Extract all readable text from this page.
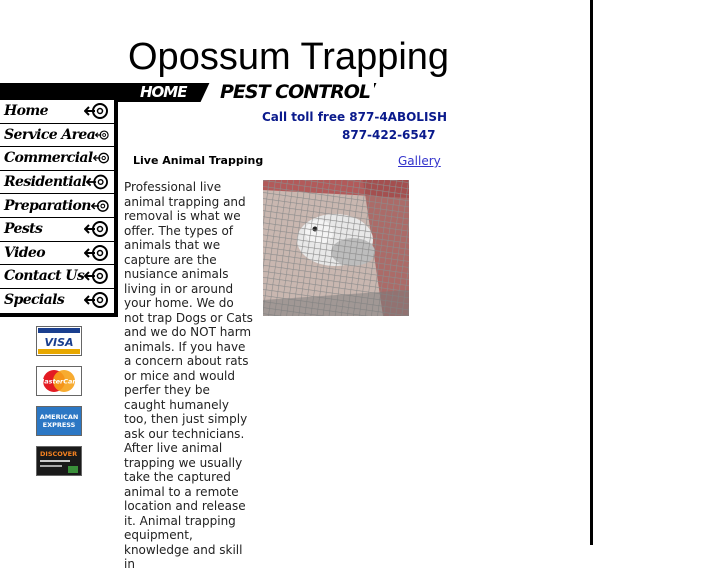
Opossum Trapping
HOME	PEST CONTROL
Home
Service Area
Commercial
Residential
Preparation
Pests
Video
Contact Us
Specials
VISA
MasterCard
AMERICAN
EXPRESS
DISCOVER
Call toll free 877-4ABOLISH
877-422-6547
Live Animal Trapping	Gallery
Professional live animal trapping and removal is what we offer. The types of animals that we capture are the nusiance animals living in or around your home. We do not trap Dogs or Cats and we do NOT harm animals. If you have a concern about rats or mice and would perfer they be caught humanely too, then just simply ask our technicians. After live animal trapping we usually take the captured animal to a remote location and release it. Animal trapping equipment, knowledge and skill in
